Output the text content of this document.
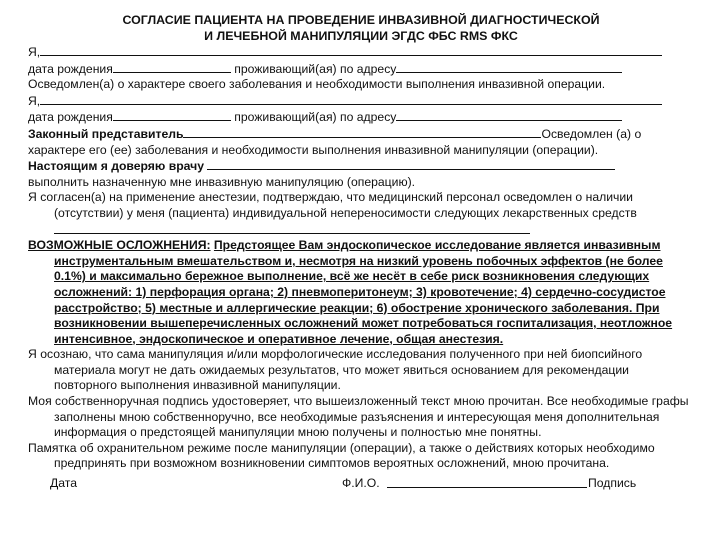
СОГЛАСИЕ ПАЦИЕНТА НА ПРОВЕДЕНИЕ ИНВАЗИВНОЙ ДИАГНОСТИЧЕСКОЙ

И ЛЕЧЕБНОЙ МАНИПУЛЯЦИИ ЭГДС ФБС RMS ФКС

Я,

дата рождения	проживающий(ая) по адресу

Осведомлен(а) о характере своего заболевания и необходимости выполнения инвазивной операции.

Я,

дата рождения	проживающий(ая) по адресу

Законный представитель	Осведомлен (а) о

характере его (ее) заболевания и необходимости выполнения инвазивной манипуляции (операции).

Настоящим я доверяю врачу

выполнить назначенную мне инвазивную манипуляцию (операцию).

Я согласен(а) на применение анестезии, подтверждаю, что медицинский персонал осведомлен о наличии (отсутствии) у меня (пациента) индивидуальной непереносимости следующих лекарственных средств

ВОЗМОЖНЫЕ ОСЛОЖНЕНИЯ: Предстоящее Вам эндоскопическое исследование является инвазивным инструментальным вмешательством и, несмотря на низкий уровень побочных эффектов (не более 0.1%) и максимально бережное выполнение, всё же несёт в себе риск возникновения следующих осложнений: 1) перфорация органа; 2) пневмоперитонеум; 3) кровотечение; 4) сердечно-сосудистое расстройство; 5) местные и аллергические реакции; 6) обострение хронического заболевания. При возникновении вышеперечисленных осложнений может потребоваться госпитализация, неотложное интенсивное, эндоскопическое и оперативное лечение, общая анестезия.

Я осознаю, что сама манипуляция и/или морфологические исследования полученного при ней биопсийного материала могут не дать ожидаемых результатов, что может явиться основанием для рекомендации повторного выполнения инвазивной манипуляции.

Моя собственноручная подпись удостоверяет, что вышеизложенный текст мною прочитан. Все необходимые графы заполнены мною собственноручно, все необходимые разъяснения и интересующая меня дополнительная информация о предстоящей манипуляции мною получены и полностью мне понятны.

Памятка об охранительном режиме после манипуляции (операции), а также о действиях которых необходимо предпринять при возможном возникновении симптомов вероятных осложнений, мною прочитана.

Дата	Ф.И.О.	Подпись
